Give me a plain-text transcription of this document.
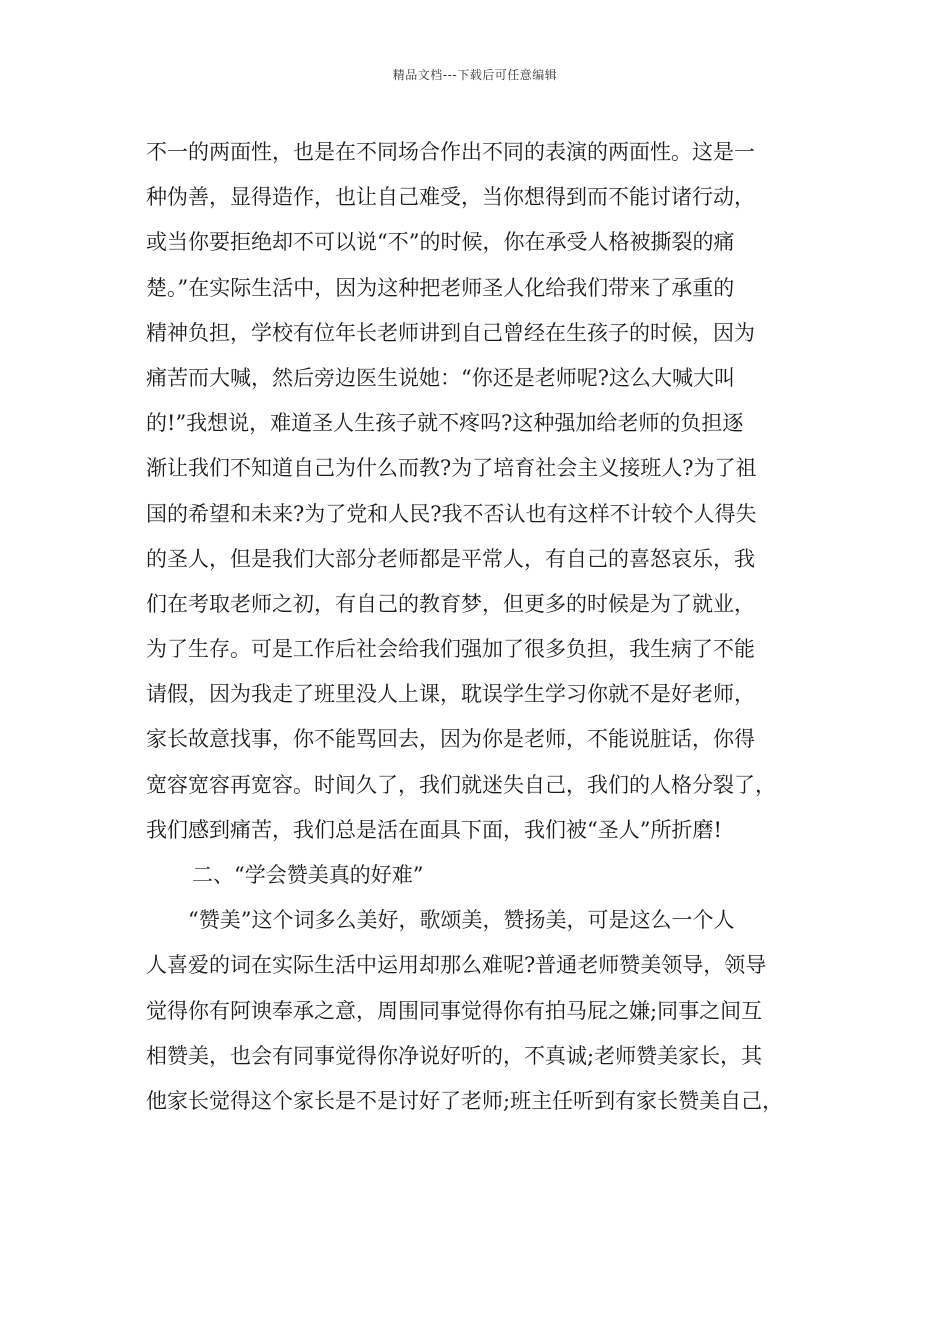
精品文档---下载后可任意编辑
不一的两面性，也是在不同场合作出不同的表演的两面性。这是一
种伪善，显得造作，也让自己难受，当你想得到而不能讨诸行动，
或当你要拒绝却不可以说“不”的时候，你在承受人格被撕裂的痛
楚。”在实际生活中，因为这种把老师圣人化给我们带来了承重的
精神负担，学校有位年长老师讲到自己曾经在生孩子的时候，因为
痛苦而大喊，然后旁边医生说她：“你还是老师呢?这么大喊大叫
的!”我想说，难道圣人生孩子就不疼吗?这种强加给老师的负担逐
渐让我们不知道自己为什么而教?为了培育社会主义接班人?为了祖
国的希望和未来?为了党和人民?我不否认也有这样不计较个人得失
的圣人，但是我们大部分老师都是平常人，有自己的喜怒哀乐，我
们在考取老师之初，有自己的教育梦，但更多的时候是为了就业，
为了生存。可是工作后社会给我们强加了很多负担，我生病了不能
请假，因为我走了班里没人上课，耽误学生学习你就不是好老师，
家长故意找事，你不能骂回去，因为你是老师，不能说脏话，你得
宽容宽容再宽容。时间久了，我们就迷失自己，我们的人格分裂了，
我们感到痛苦，我们总是活在面具下面，我们被“圣人”所折磨!
二、“学会赞美真的好难”
“赞美”这个词多么美好，歌颂美，赞扬美，可是这么一个人
人喜爱的词在实际生活中运用却那么难呢?普通老师赞美领导，领导
觉得你有阿谀奉承之意，周围同事觉得你有拍马屁之嫌;同事之间互
相赞美，也会有同事觉得你净说好听的，不真诚;老师赞美家长，其
他家长觉得这个家长是不是讨好了老师;班主任听到有家长赞美自己，
